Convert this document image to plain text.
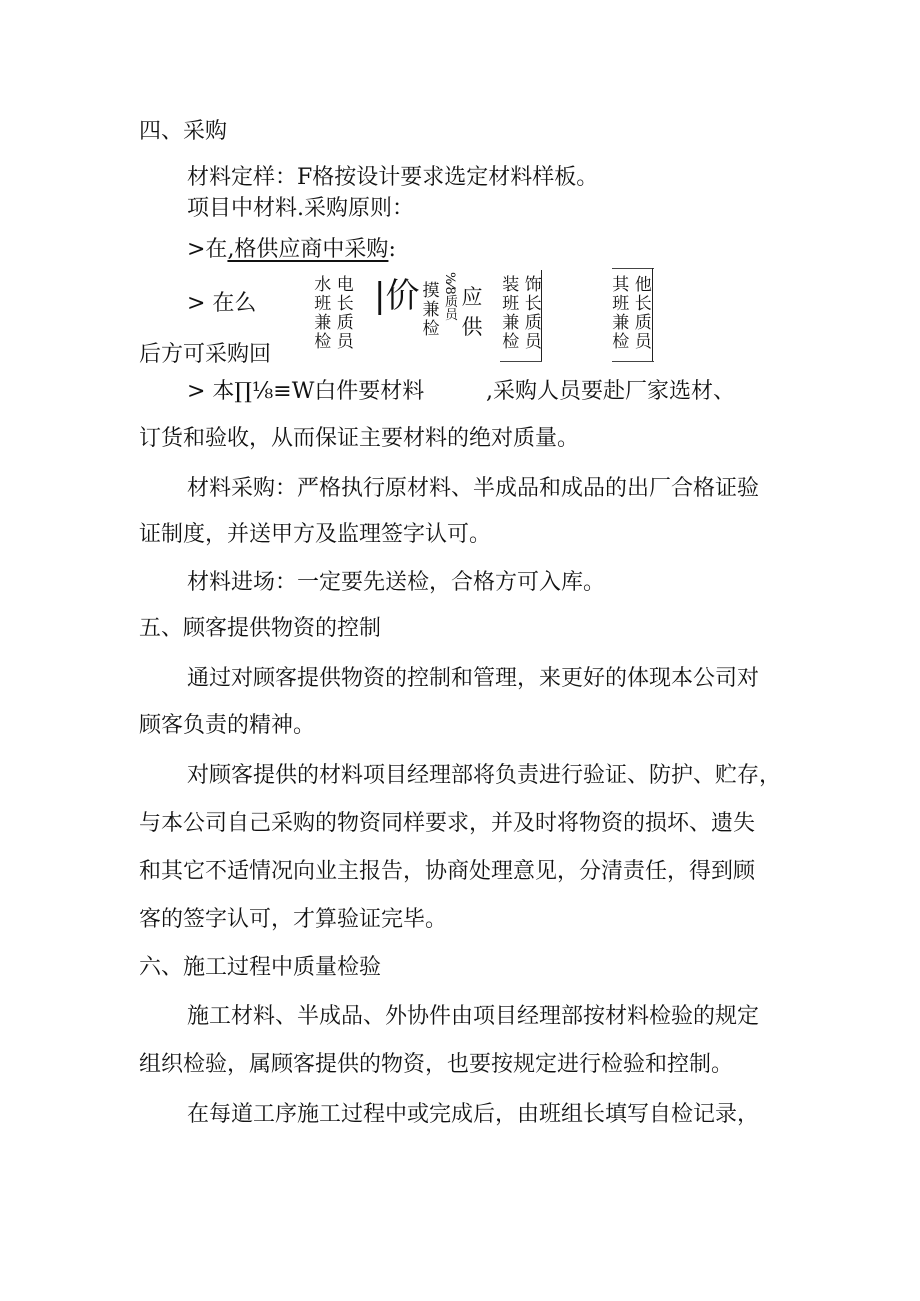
四、采购
材料定样：F格按设计要求选定材料样板。
项目中材料.采购原则：
>在,格供应商中采购:
> 在么
水 电
班 长
兼 质
检 员
|价 摸
兼
检
%⁄8质员 应
供
装 饰
班 长
兼 质
检 员
其 他
班 长
兼 质
检 员
后方可采购回
> 本∏⅛≡W白件要材料	,采购人员要赴厂家选材、
订货和验收，从而保证主要材料的绝对质量。
材料采购：严格执行原材料、半成品和成品的出厂合格证验
证制度，并送甲方及监理签字认可。
材料进场：一定要先送检，合格方可入库。
五、顾客提供物资的控制
通过对顾客提供物资的控制和管理，来更好的体现本公司对
顾客负责的精神。
对顾客提供的材料项目经理部将负责进行验证、防护、贮存，
与本公司自己采购的物资同样要求，并及时将物资的损坏、遗失
和其它不适情况向业主报告，协商处理意见，分清责任，得到顾
客的签字认可，才算验证完毕。
六、施工过程中质量检验
施工材料、半成品、外协件由项目经理部按材料检验的规定
组织检验，属顾客提供的物资，也要按规定进行检验和控制。
在每道工序施工过程中或完成后，由班组长填写自检记录，
